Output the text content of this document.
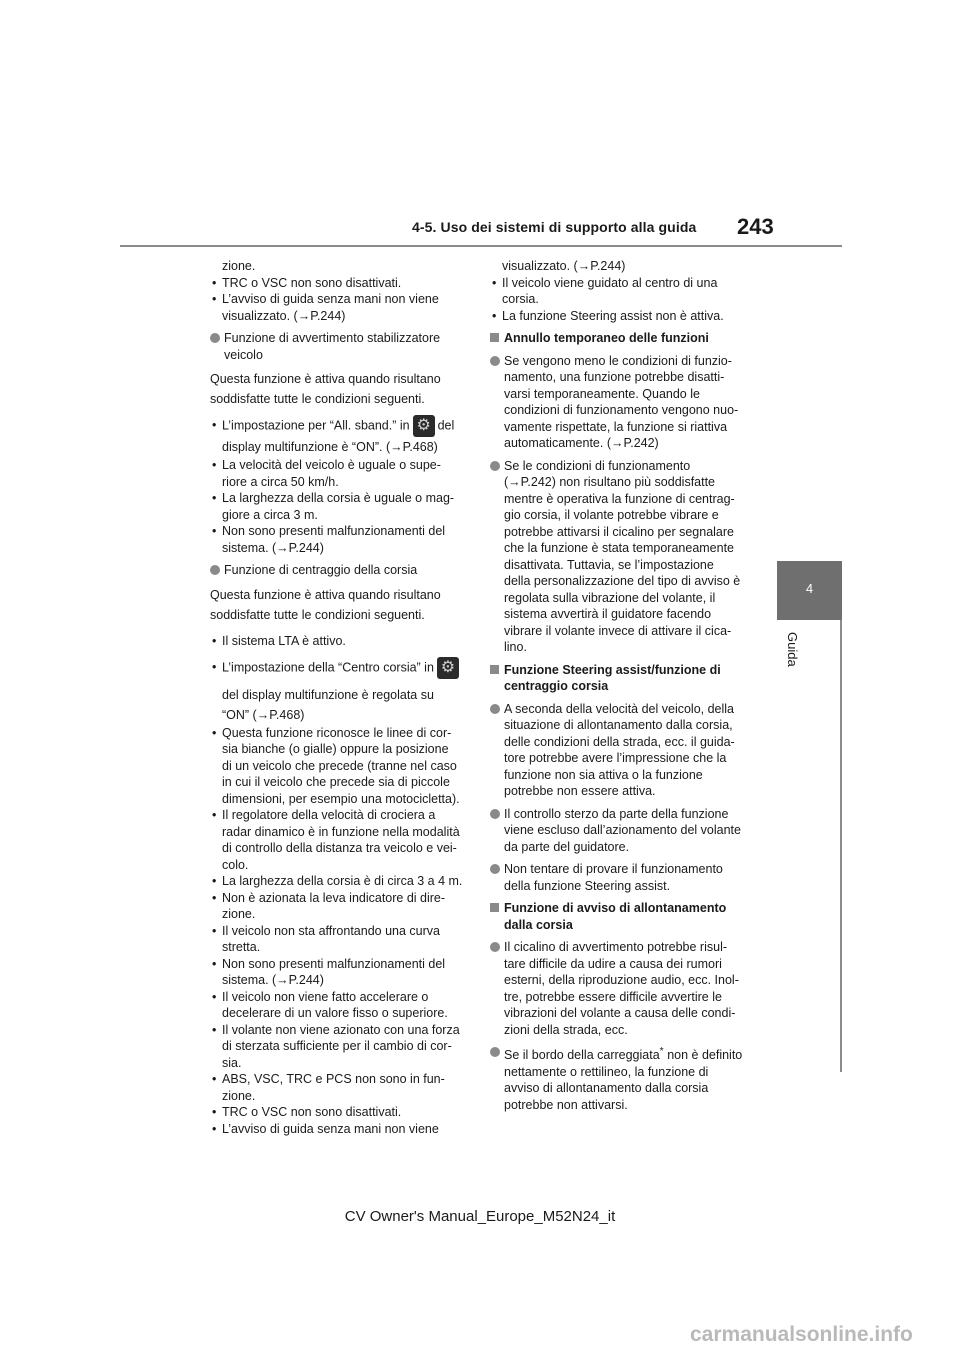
4-5. Uso dei sistemi di supporto alla guida 243
4
Guida
zione.
• TRC o VSC non sono disattivati.
• L’avviso di guida senza mani non viene
visualizzato. (→P.244)
Funzione di avvertimento stabilizzatore
veicolo
Questa funzione è attiva quando risultano
soddisfatte tutte le condizioni seguenti.
• L’impostazione per “All. sband.” in⚙ del
display multifunzione è “ON”. (→P.468)
• La velocità del veicolo è uguale o supe-
riore a circa 50 km/h.
• La larghezza della corsia è uguale o mag-
giore a circa 3 m.
• Non sono presenti malfunzionamenti del
sistema. (→P.244)
Funzione di centraggio della corsia
Questa funzione è attiva quando risultano
soddisfatte tutte le condizioni seguenti.
• Il sistema LTA è attivo.
• L’impostazione della “Centro corsia” in⚙
del display multifunzione è regolata su
“ON” (→P.468)
• Questa funzione riconosce le linee di cor-
sia bianche (o gialle) oppure la posizione
di un veicolo che precede (tranne nel caso
in cui il veicolo che precede sia di piccole
dimensioni, per esempio una motocicletta).
• Il regolatore della velocità di crociera a
radar dinamico è in funzione nella modalità
di controllo della distanza tra veicolo e vei-
colo.
• La larghezza della corsia è di circa 3 a 4 m.
• Non è azionata la leva indicatore di dire-
zione.
• Il veicolo non sta affrontando una curva
stretta.
• Non sono presenti malfunzionamenti del
sistema. (→P.244)
• Il veicolo non viene fatto accelerare o
decelerare di un valore fisso o superiore.
• Il volante non viene azionato con una forza
di sterzata sufficiente per il cambio di cor-
sia.
• ABS, VSC, TRC e PCS non sono in fun-
zione.
• TRC o VSC non sono disattivati.
• L’avviso di guida senza mani non viene
visualizzato. (→P.244)
• Il veicolo viene guidato al centro di una
corsia.
• La funzione Steering assist non è attiva.
Annullo temporaneo delle funzioni
Se vengono meno le condizioni di funzio-
namento, una funzione potrebbe disatti-
varsi temporaneamente. Quando le
condizioni di funzionamento vengono nuo-
vamente rispettate, la funzione si riattiva
automaticamente. (→P.242)
Se le condizioni di funzionamento
(→P.242) non risultano più soddisfatte
mentre è operativa la funzione di centrag-
gio corsia, il volante potrebbe vibrare e
potrebbe attivarsi il cicalino per segnalare
che la funzione è stata temporaneamente
disattivata. Tuttavia, se l’impostazione
della personalizzazione del tipo di avviso è
regolata sulla vibrazione del volante, il
sistema avvertirà il guidatore facendo
vibrare il volante invece di attivare il cica-
lino.
Funzione Steering assist/funzione di
centraggio corsia
A seconda della velocità del veicolo, della
situazione di allontanamento dalla corsia,
delle condizioni della strada, ecc. il guida-
tore potrebbe avere l’impressione che la
funzione non sia attiva o la funzione
potrebbe non essere attiva.
Il controllo sterzo da parte della funzione
viene escluso dall’azionamento del volante
da parte del guidatore.
Non tentare di provare il funzionamento
della funzione Steering assist.
Funzione di avviso di allontanamento
dalla corsia
Il cicalino di avvertimento potrebbe risul-
tare difficile da udire a causa dei rumori
esterni, della riproduzione audio, ecc. Inol-
tre, potrebbe essere difficile avvertire le
vibrazioni del volante a causa delle condi-
zioni della strada, ecc.
Se il bordo della carreggiata* non è definito
nettamente o rettilineo, la funzione di
avviso di allontanamento dalla corsia
potrebbe non attivarsi.
CV Owner's Manual_Europe_M52N24_it
carmanualsonline.info
